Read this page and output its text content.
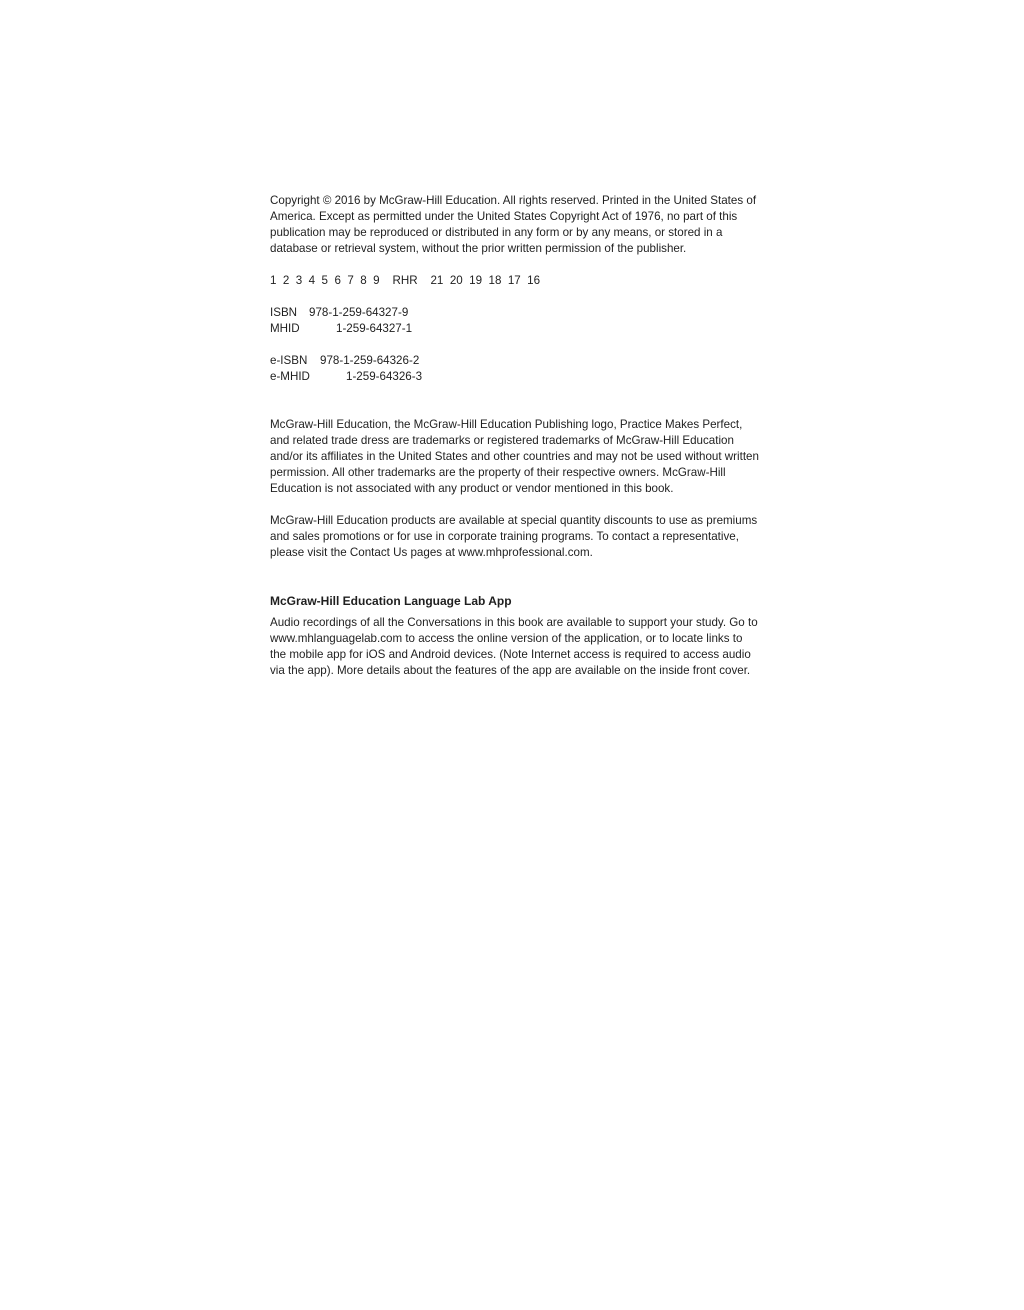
Copyright © 2016 by McGraw-Hill Education. All rights reserved. Printed in the United States of America. Except as permitted under the United States Copyright Act of 1976, no part of this publication may be reproduced or distributed in any form or by any means, or stored in a database or retrieval system, without the prior written permission of the publisher.

1  2  3  4  5  6  7  8  9 RHR 21  20  19  18  17  16
ISBN	978-1-259-64327-9
MHID	1-259-64327-1
e-ISBN	978-1-259-64326-2
e-MHID	1-259-64326-3

McGraw-Hill Education, the McGraw-Hill Education Publishing logo, Practice Makes Perfect, and related trade dress are trademarks or registered trademarks of McGraw-Hill Education and/or its affiliates in the United States and other countries and may not be used without written permission. All other trademarks are the property of their respective owners. McGraw-Hill Education is not associated with any product or vendor mentioned in this book.

McGraw-Hill Education products are available at special quantity discounts to use as premiums and sales promotions or for use in corporate training programs. To contact a representative, please visit the Contact Us pages at www.mhprofessional.com.

McGraw-Hill Education Language Lab App

Audio recordings of all the Conversations in this book are available to support your study. Go to www.mhlanguagelab.com to access the online version of the application, or to locate links to the mobile app for iOS and Android devices. (Note Internet access is required to access audio via the app). More details about the features of the app are available on the inside front cover.
